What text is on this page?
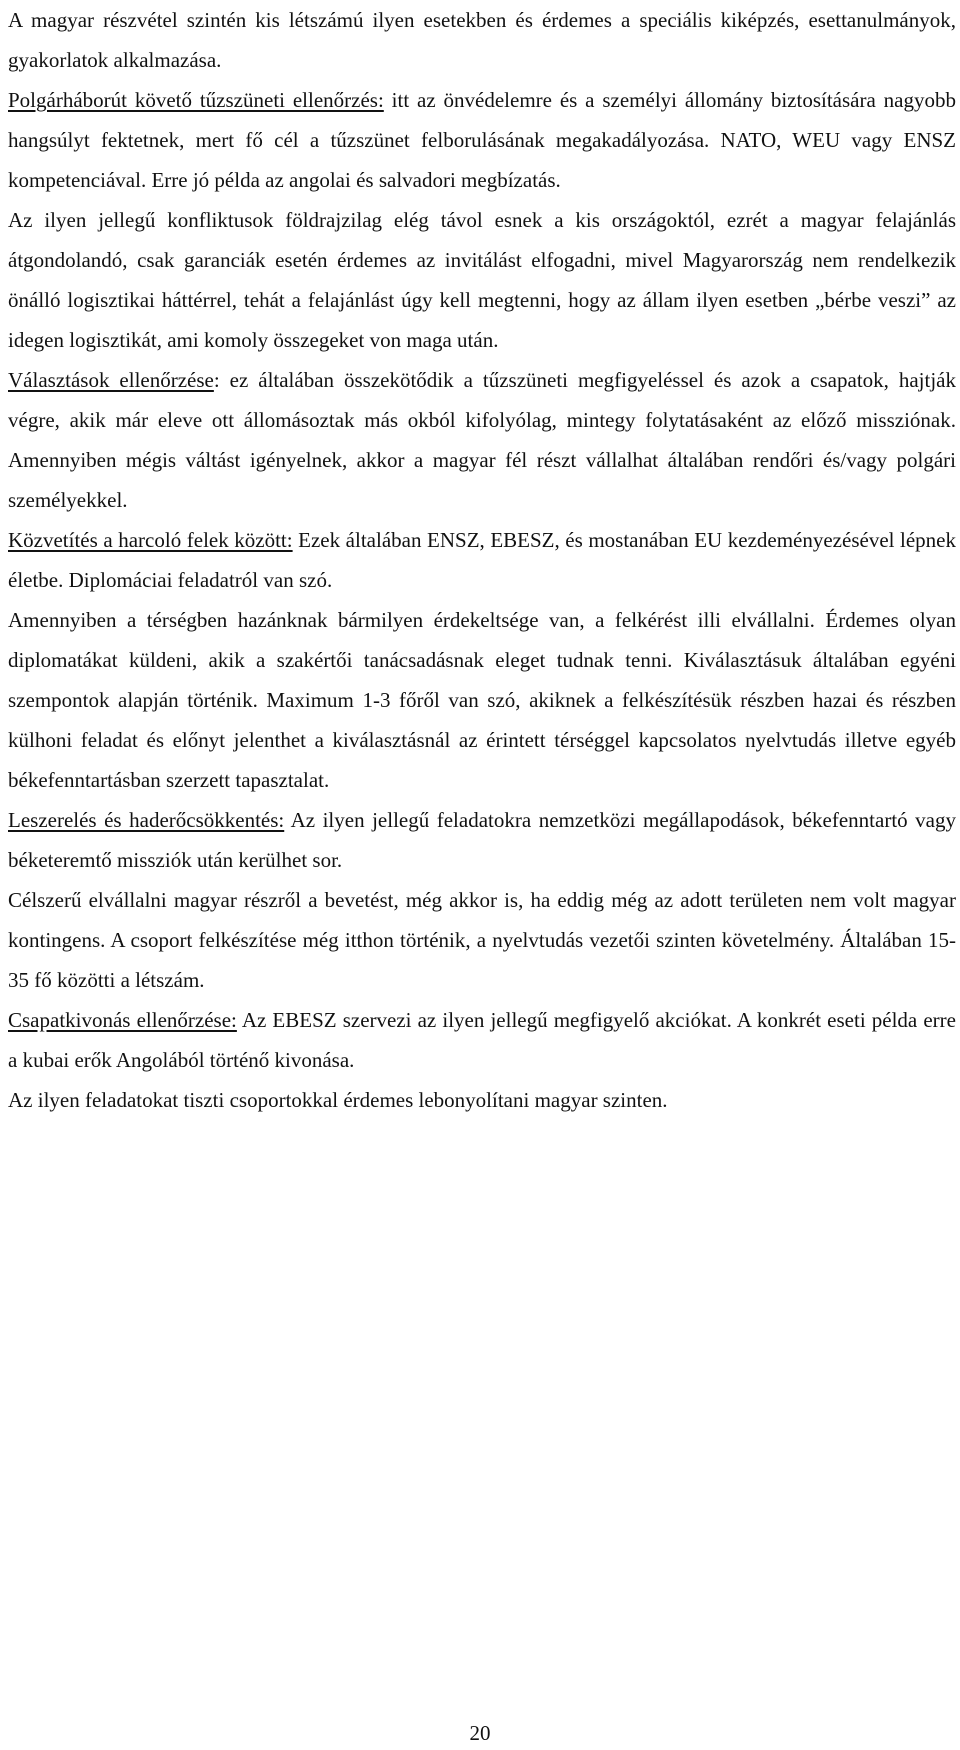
A magyar részvétel szintén kis létszámú ilyen esetekben és érdemes a speciális kiképzés, esettanulmányok, gyakorlatok alkalmazása.

Polgárháborút követő tűzszüneti ellenőrzés: itt az önvédelemre és a személyi állomány biztosítására nagyobb hangsúlyt fektetnek, mert fő cél a tűzszünet felborulásának megakadályozása. NATO, WEU vagy ENSZ kompetenciával. Erre jó példa az angolai és salvadori megbízatás.

Az ilyen jellegű konfliktusok földrajzilag elég távol esnek a kis országoktól, ezrét a magyar felajánlás átgondolandó, csak garanciák esetén érdemes az invitálást elfogadni, mivel Magyarország nem rendelkezik önálló logisztikai háttérrel, tehát a felajánlást úgy kell megtenni, hogy az állam ilyen esetben „bérbe veszi” az idegen logisztikát, ami komoly összegeket von maga után.

Választások ellenőrzése: ez általában összekötődik a tűzszüneti megfigyeléssel és azok a csapatok, hajtják végre, akik már eleve ott állomásoztak más okból kifolyólag, mintegy folytatásaként az előző missziónak. Amennyiben mégis váltást igényelnek, akkor a magyar fél részt vállalhat általában rendőri és/vagy polgári személyekkel.

Közvetítés a harcoló felek között: Ezek általában ENSZ, EBESZ, és mostanában EU kezdeményezésével lépnek életbe. Diplomáciai feladatról van szó.

Amennyiben a térségben hazánknak bármilyen érdekeltsége van, a felkérést illi elvállalni. Érdemes olyan diplomatákat küldeni, akik a szakértői tanácsadásnak eleget tudnak tenni. Kiválasztásuk általában egyéni szempontok alapján történik. Maximum 1-3 főről van szó, akiknek a felkészítésük részben hazai és részben külhoni feladat és előnyt jelenthet a kiválasztásnál az érintett térséggel kapcsolatos nyelvtudás illetve egyéb békefenntartásban szerzett tapasztalat.

Leszerelés és haderőcsökkentés: Az ilyen jellegű feladatokra nemzetközi megállapodások, békefenntartó vagy béketeremtő missziók után kerülhet sor.

Célszerű elvállalni magyar részről a bevetést, még akkor is, ha eddig még az adott területen nem volt magyar kontingens. A csoport felkészítése még itthon történik, a nyelvtudás vezetői szinten követelmény. Általában 15-35 fő közötti a létszám.

Csapatkivonás ellenőrzése: Az EBESZ szervezi az ilyen jellegű megfigyelő akciókat. A konkrét eseti példa erre a kubai erők Angolából történő kivonása.

Az ilyen feladatokat tiszti csoportokkal érdemes lebonyolítani magyar szinten.

20
